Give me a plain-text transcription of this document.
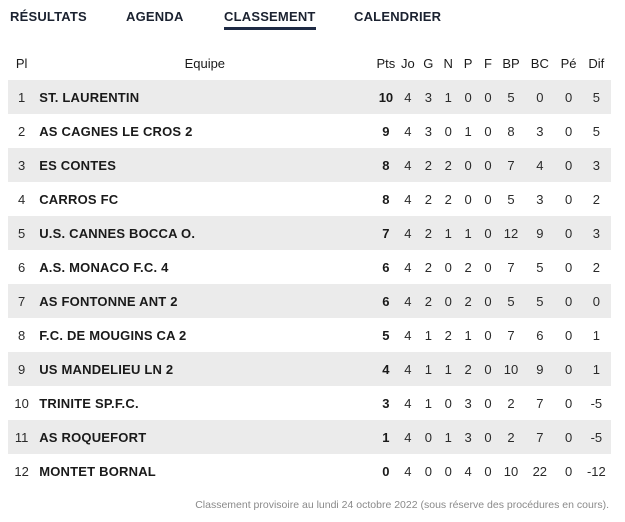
RÉSULTATS	AGENDA	CLASSEMENT	CALENDRIER
Pl	Equipe	Pts	Jo	G	N	P	F	BP	BC	Pé	Dif
1	ST. LAURENTIN	10	4	3	1	0	0	5	0	0	5
2	AS CAGNES LE CROS 2	9	4	3	0	1	0	8	3	0	5
3	ES CONTES	8	4	2	2	0	0	7	4	0	3
4	CARROS FC	8	4	2	2	0	0	5	3	0	2
5	U.S. CANNES BOCCA O.	7	4	2	1	1	0	12	9	0	3
6	A.S. MONACO F.C. 4	6	4	2	0	2	0	7	5	0	2
7	AS FONTONNE ANT 2	6	4	2	0	2	0	5	5	0	0
8	F.C. DE MOUGINS CA 2	5	4	1	2	1	0	7	6	0	1
9	US MANDELIEU LN 2	4	4	1	1	2	0	10	9	0	1
10	TRINITE SP.F.C.	3	4	1	0	3	0	2	7	0	-5
11	AS ROQUEFORT	1	4	0	1	3	0	2	7	0	-5
12	MONTET BORNAL	0	4	0	0	4	0	10	22	0	-12
Classement provisoire au lundi 24 octobre 2022 (sous réserve des procédures en cours).
